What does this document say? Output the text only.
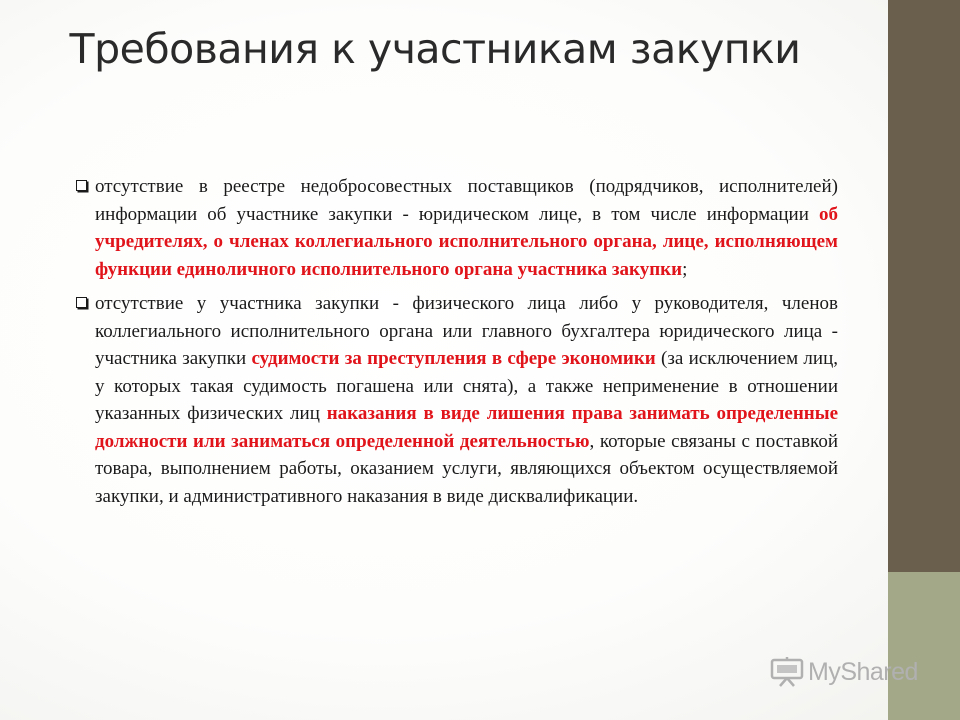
Требования к участникам закупки
отсутствие в реестре недобросовестных поставщиков (подрядчиков, исполнителей) информации об участнике закупки - юридическом лице, в том числе информации об учредителях, о членах коллегиального исполнительного органа, лице, исполняющем функции единоличного исполнительного органа участника закупки;
отсутствие у участника закупки - физического лица либо у руководителя, членов коллегиального исполнительного органа или главного бухгалтера юридического лица - участника закупки судимости за преступления в сфере экономики (за исключением лиц, у которых такая судимость погашена или снята), а также неприменение в отношении указанных физических лиц наказания в виде лишения права занимать определенные должности или заниматься определенной деятельностью, которые связаны с поставкой товара, выполнением работы, оказанием услуги, являющихся объектом осуществляемой закупки, и административного наказания в виде дисквалификации.
MyShared
